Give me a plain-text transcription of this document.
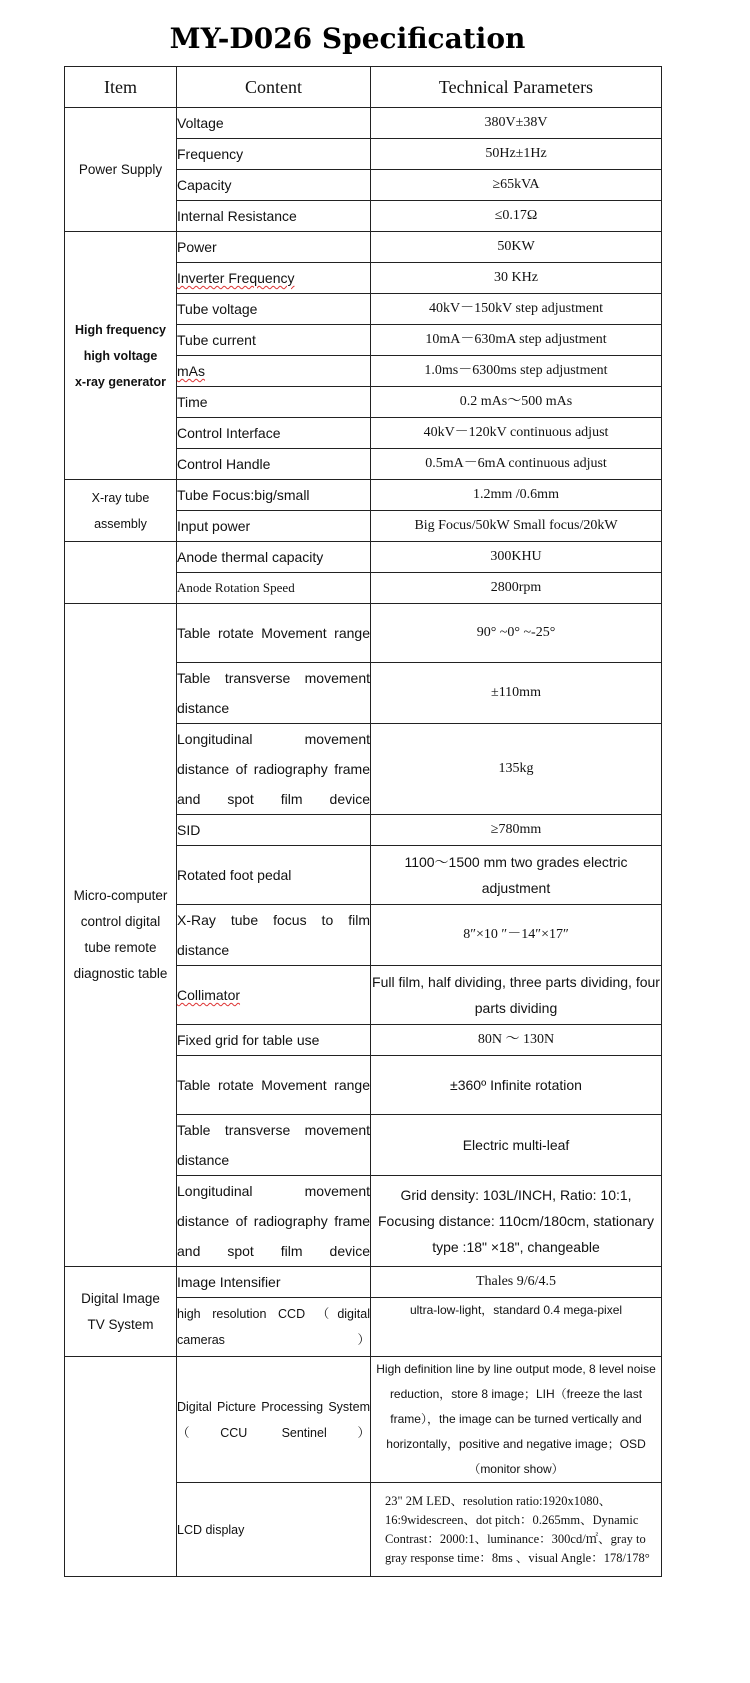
MY-D026 Specification
Item	Content	Technical Parameters
Power Supply	Voltage	380V±38V
	Frequency	50Hz±1Hz
	Capacity	≥65kVA
	Internal Resistance	≤0.17Ω

High frequency
high voltage
x-ray generator	Power	50KW
	Inverter Frequency	30 KHz
	Tube voltage	40kV－150kV step adjustment
	Tube current	10mA－630mA step adjustment
	mAs	1.0ms－6300ms step adjustment
	Time	0.2 mAs～500 mAs
	Control Interface	40kV－120kV continuous adjust
	Control Handle	0.5mA－6mA continuous adjust

X-ray tube
assembly	Tube Focus:big/small	1.2mm /0.6mm
	Input power	Big Focus/50kW Small focus/20kW
	Anode thermal capacity	300KHU
	Anode Rotation Speed	2800rpm

Micro-computer
control digital
tube remote
diagnostic table	Table rotate Movement range	90° ~0° ~-25°
	Table transverse movement distance	±110mm
	Longitudinal movement distance of radiography frame and spot film device	135kg
	SID	≥780mm
	Rotated foot pedal	1100～1500 mm two grades electric adjustment
	X-Ray tube focus to film distance	8″×10 ″－14″×17″
	Collimator	Full film, half dividing, three parts dividing, four parts dividing
	Fixed grid for table use	80N ～ 130N
	Table rotate Movement range	±360º Infinite rotation
	Table transverse movement distance	Electric multi-leaf
	Longitudinal movement distance of radiography frame and spot film device	Grid density: 103L/INCH, Ratio: 10:1, Focusing distance: 110cm/180cm, stationary type :18" ×18", changeable

Digital Image
TV System	Image Intensifier	Thales 9/6/4.5
	high resolution CCD （digital cameras）	ultra-low-light，standard 0.4 mega-pixel
	Digital Picture Processing System （CCU Sentinel）	High definition line by line output mode, 8 level noise reduction，store 8 image；LIH（freeze the last frame），the image can be turned vertically and horizontally，positive and negative image；OSD（monitor show）
	LCD display	23" 2M LED、resolution ratio:1920x1080、16:9widescreen、dot pitch：0.265mm、Dynamic Contrast：2000:1、luminance：300cd/㎡、gray to gray response time：8ms 、visual Angle：178/178°
